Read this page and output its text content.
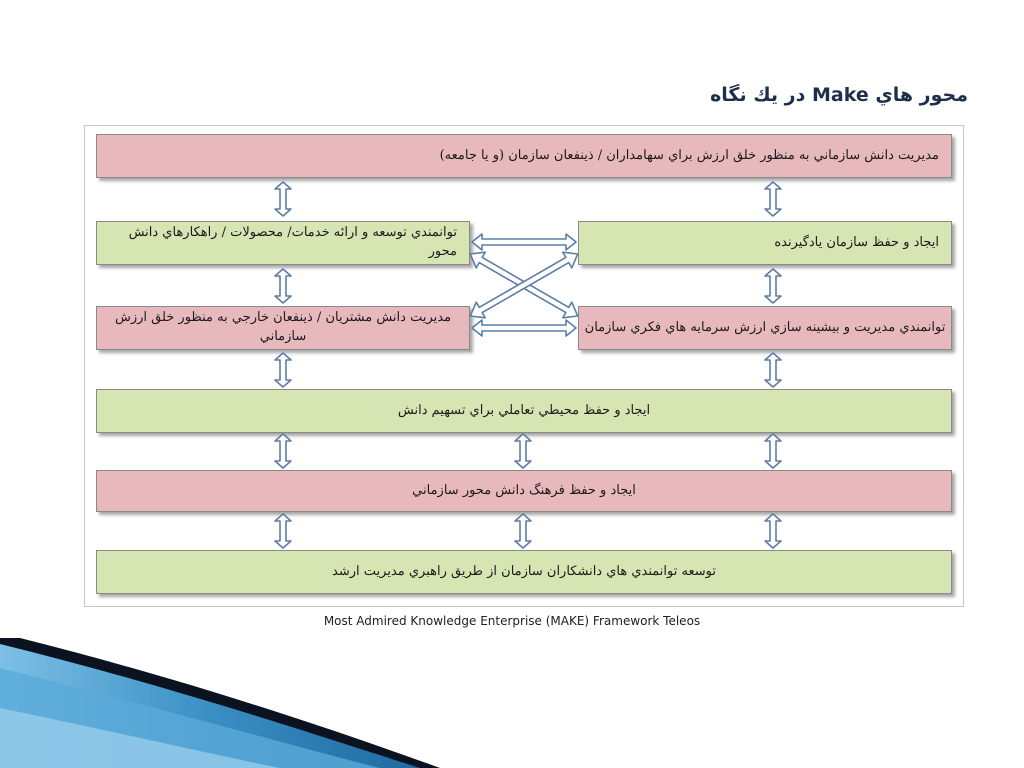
محور هاي Make در يك نگاه
مديريت دانش سازماني به منظور خلق ارزش براي سهامداران / ذينفعان سازمان (و يا جامعه)
توانمندي توسعه و ارائه خدمات/ محصولات / راهكارهاي دانش محور
ايجاد و حفظ سازمان يادگيرنده
مديريت دانش مشتريان / ذينفعان خارجي به منظور خلق ارزش سازماني
توانمندي مديريت و بيشينه سازي ارزش سرمايه هاي فكري سازمان
ايجاد و حفظ محيطي تعاملي براي تسهيم دانش
ايجاد و حفظ فرهنگ دانش محور سازماني
توسعه توانمندي هاي دانشكاران سازمان از طريق راهبري مديريت ارشد
Most Admired Knowledge Enterprise (MAKE) Framework Teleos
